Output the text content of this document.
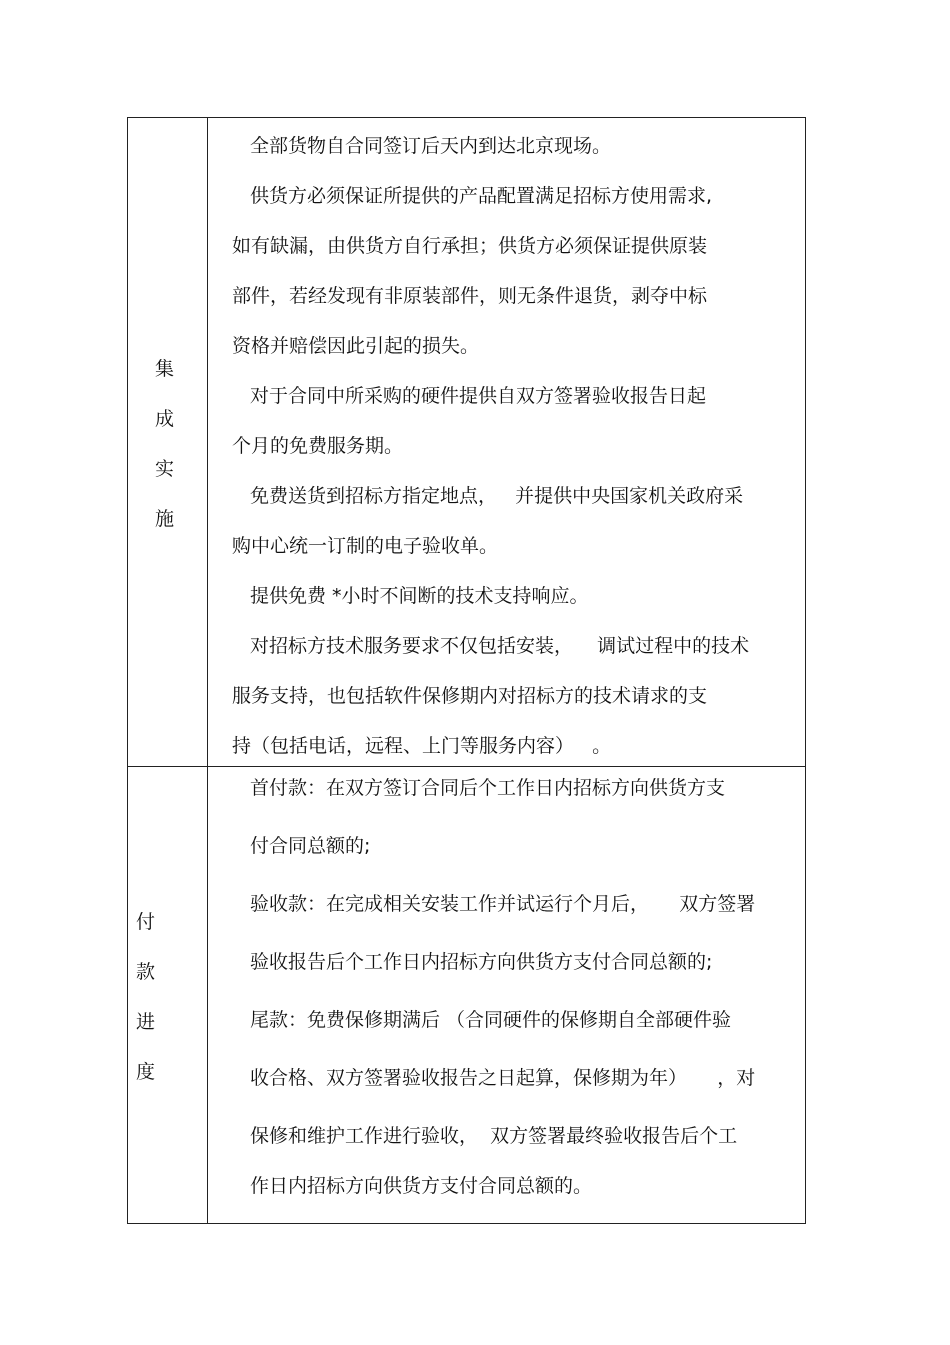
集
成
实
施
全部货物自合同签订后天内到达北京现场。
供货方必须保证所提供的产品配置满足招标方使用需求,
如有缺漏，由供货方自行承担；供货方必须保证提供原装
部件，若经发现有非原装部件，则无条件退货，剥夺中标
资格并赔偿因此引起的损失。
对于合同中所采购的硬件提供自双方签署验收报告日起
个月的免费服务期。
免费送货到招标方指定地点，   并提供中央国家机关政府采
购中心统一订制的电子验收单。
提供免费 *小时不间断的技术支持响应。
对招标方技术服务要求不仅包括安装，    调试过程中的技术
服务支持，也包括软件保修期内对招标方的技术请求的支
持（包括电话，远程、上门等服务内容）   。
付
款
进
度
首付款：在双方签订合同后个工作日内招标方向供货方支
付合同总额的;
验收款：在完成相关安装工作并试运行个月后，     双方签署
验收报告后个工作日内招标方向供货方支付合同总额的;
尾款：免费保修期满后 （合同硬件的保修期自全部硬件验
收合格、双方签署验收报告之日起算，保修期为年）     ，对
保修和维护工作进行验收，  双方签署最终验收报告后个工
作日内招标方向供货方支付合同总额的。
